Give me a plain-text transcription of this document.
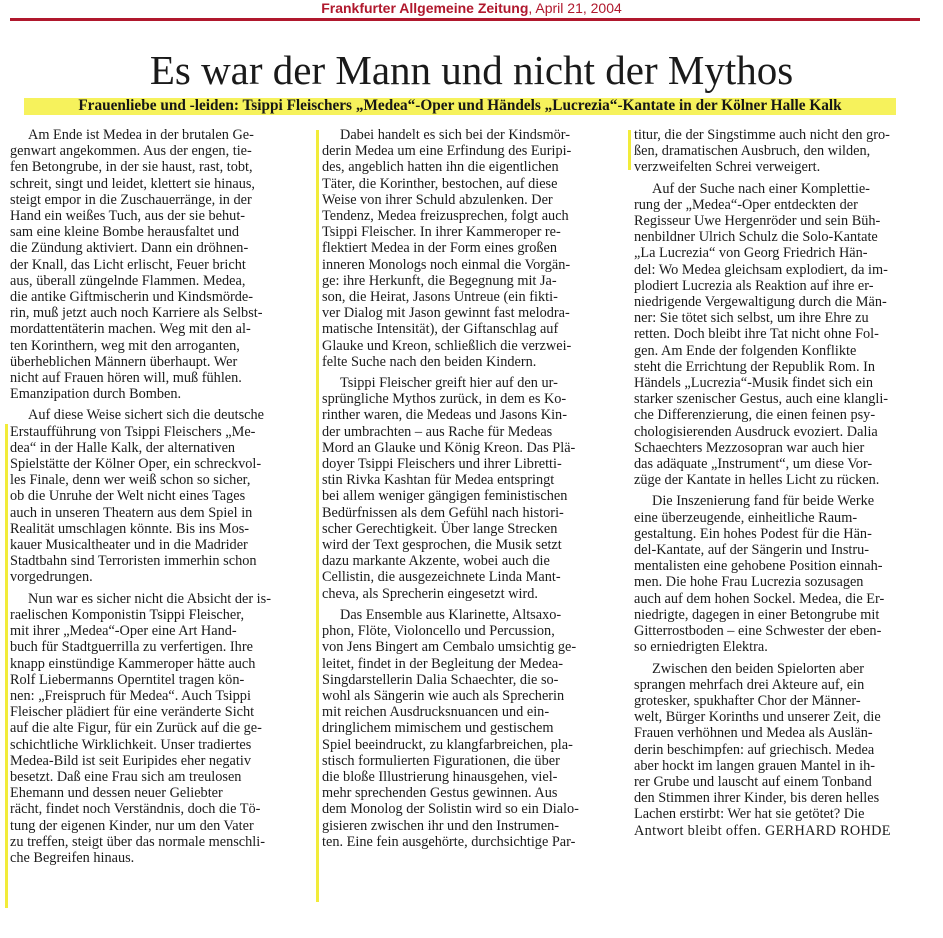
Frankfurter Allgemeine Zeitung, April 21, 2004
Es war der Mann und nicht der Mythos
Frauenliebe und -leiden: Tsippi Fleischers „Medea“-Oper und Händels „Lucrezia“-Kantate in der Kölner Halle Kalk
Am Ende ist Medea in der brutalen Ge-
genwart angekommen. Aus der engen, tie-
fen Betongrube, in der sie haust, rast, tobt,
schreit, singt und leidet, klettert sie hinaus,
steigt empor in die Zuschauerränge, in der
Hand ein weißes Tuch, aus der sie behut-
sam eine kleine Bombe herausfaltet und
die Zündung aktiviert. Dann ein dröhnen-
der Knall, das Licht erlischt, Feuer bricht
aus, überall züngelnde Flammen. Medea,
die antike Giftmischerin und Kindsmörde-
rin, muß jetzt auch noch Karriere als Selbst-
mordattentäterin machen. Weg mit den al-
ten Korinthern, weg mit den arroganten,
überheblichen Männern überhaupt. Wer
nicht auf Frauen hören will, muß fühlen.
Emanzipation durch Bomben.
Auf diese Weise sichert sich die deutsche
Erstaufführung von Tsippi Fleischers „Me-
dea“ in der Halle Kalk, der alternativen
Spielstätte der Kölner Oper, ein schreckvol-
les Finale, denn wer weiß schon so sicher,
ob die Unruhe der Welt nicht eines Tages
auch in unseren Theatern aus dem Spiel in
Realität umschlagen könnte. Bis ins Mos-
kauer Musicaltheater und in die Madrider
Stadtbahn sind Terroristen immerhin schon
vorgedrungen.
Nun war es sicher nicht die Absicht der is-
raelischen Komponistin Tsippi Fleischer,
mit ihrer „Medea“-Oper eine Art Hand-
buch für Stadtguerrilla zu verfertigen. Ihre
knapp einstündige Kammeroper hätte auch
Rolf Liebermanns Operntitel tragen kön-
nen: „Freispruch für Medea“. Auch Tsippi
Fleischer plädiert für eine veränderte Sicht
auf die alte Figur, für ein Zurück auf die ge-
schichtliche Wirklichkeit. Unser tradiertes
Medea-Bild ist seit Euripides eher negativ
besetzt. Daß eine Frau sich am treulosen
Ehemann und dessen neuer Geliebter
rächt, findet noch Verständnis, doch die Tö-
tung der eigenen Kinder, nur um den Vater
zu treffen, steigt über das normale menschli-
che Begreifen hinaus.
Dabei handelt es sich bei der Kindsmör-
derin Medea um eine Erfindung des Euripi-
des, angeblich hatten ihn die eigentlichen
Täter, die Korinther, bestochen, auf diese
Weise von ihrer Schuld abzulenken. Der
Tendenz, Medea freizusprechen, folgt auch
Tsippi Fleischer. In ihrer Kammeroper re-
flektiert Medea in der Form eines großen
inneren Monologs noch einmal die Vorgän-
ge: ihre Herkunft, die Begegnung mit Ja-
son, die Heirat, Jasons Untreue (ein fikti-
ver Dialog mit Jason gewinnt fast melodra-
matische Intensität), der Giftanschlag auf
Glauke und Kreon, schließlich die verzwei-
felte Suche nach den beiden Kindern.
Tsippi Fleischer greift hier auf den ur-
sprüngliche Mythos zurück, in dem es Ko-
rinther waren, die Medeas und Jasons Kin-
der umbrachten – aus Rache für Medeas
Mord an Glauke und König Kreon. Das Plä-
doyer Tsippi Fleischers und ihrer Libretti-
stin Rivka Kashtan für Medea entspringt
bei allem weniger gängigen feministischen
Bedürfnissen als dem Gefühl nach histori-
scher Gerechtigkeit. Über lange Strecken
wird der Text gesprochen, die Musik setzt
dazu markante Akzente, wobei auch die
Cellistin, die ausgezeichnete Linda Mant-
cheva, als Sprecherin eingesetzt wird.
Das Ensemble aus Klarinette, Altsaxo-
phon, Flöte, Violoncello und Percussion,
von Jens Bingert am Cembalo umsichtig ge-
leitet, findet in der Begleitung der Medea-
Singdarstellerin Dalia Schaechter, die so-
wohl als Sängerin wie auch als Sprecherin
mit reichen Ausdrucksnuancen und ein-
dringlichem mimischem und gestischem
Spiel beeindruckt, zu klangfarbreichen, pla-
stisch formulierten Figurationen, die über
die bloße Illustrierung hinausgehen, viel-
mehr sprechenden Gestus gewinnen. Aus
dem Monolog der Solistin wird so ein Dialo-
gisieren zwischen ihr und den Instrumen-
ten. Eine fein ausgehörte, durchsichtige Par-
titur, die der Singstimme auch nicht den gro-
ßen, dramatischen Ausbruch, den wilden,
verzweifelten Schrei verweigert.
Auf der Suche nach einer Komplettie-
rung der „Medea“-Oper entdeckten der
Regisseur Uwe Hergenröder und sein Büh-
nenbildner Ulrich Schulz die Solo-Kantate
„La Lucrezia“ von Georg Friedrich Hän-
del: Wo Medea gleichsam explodiert, da im-
plodiert Lucrezia als Reaktion auf ihre er-
niedrigende Vergewaltigung durch die Män-
ner: Sie tötet sich selbst, um ihre Ehre zu
retten. Doch bleibt ihre Tat nicht ohne Fol-
gen. Am Ende der folgenden Konflikte
steht die Errichtung der Republik Rom. In
Händels „Lucrezia“-Musik findet sich ein
starker szenischer Gestus, auch eine klangli-
che Differenzierung, die einen feinen psy-
chologisierenden Ausdruck evoziert. Dalia
Schaechters Mezzosopran war auch hier
das adäquate „Instrument“, um diese Vor-
züge der Kantate in helles Licht zu rücken.
Die Inszenierung fand für beide Werke
eine überzeugende, einheitliche Raum-
gestaltung. Ein hohes Podest für die Hän-
del-Kantate, auf der Sängerin und Instru-
mentalisten eine gehobene Position einnah-
men. Die hohe Frau Lucrezia sozusagen
auch auf dem hohen Sockel. Medea, die Er-
niedrigte, dagegen in einer Betongrube mit
Gitterrostboden – eine Schwester der eben-
so erniedrigten Elektra.
Zwischen den beiden Spielorten aber
sprangen mehrfach drei Akteure auf, ein
grotesker, spukhafter Chor der Männer-
welt, Bürger Korinths und unserer Zeit, die
Frauen verhöhnen und Medea als Auslän-
derin beschimpfen: auf griechisch. Medea
aber hockt im langen grauen Mantel in ih-
rer Grube und lauscht auf einem Tonband
den Stimmen ihrer Kinder, bis deren helles
Lachen erstirbt: Wer hat sie getötet? Die
Antwort bleibt offen. GERHARD ROHDE
